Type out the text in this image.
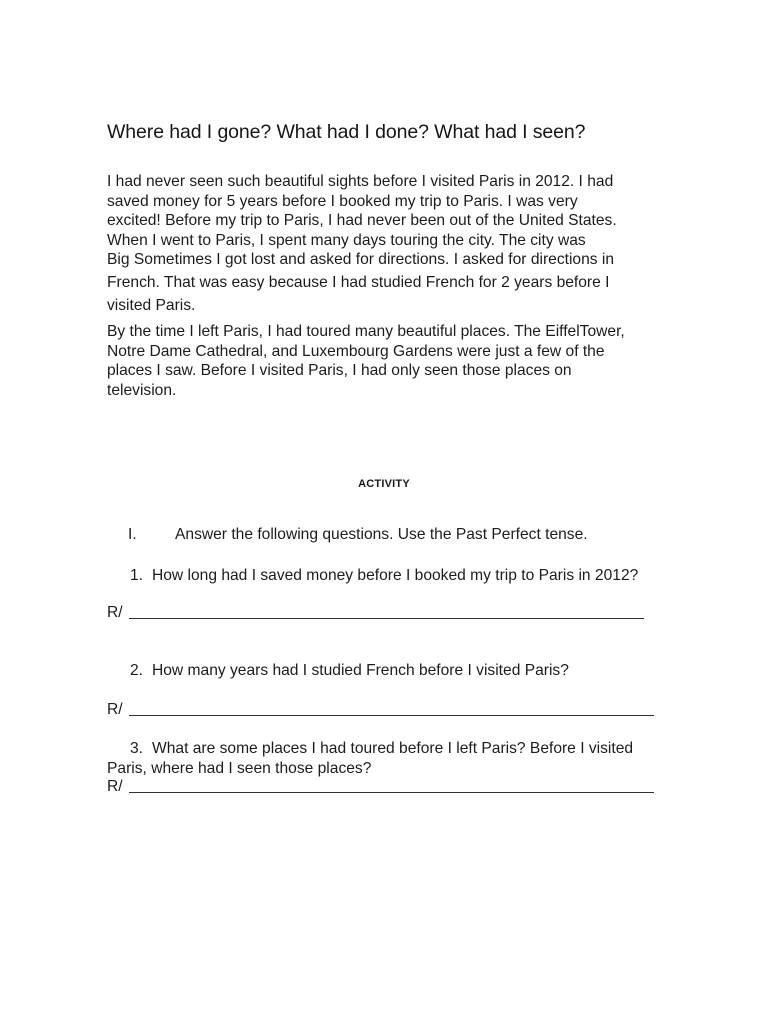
Where had I gone? What had I done? What had I seen?
I had never seen such beautiful sights before I visited Paris in 2012. I had
saved money for 5 years before I booked my trip to Paris. I was very
excited! Before my trip to Paris, I had never been out of the United States.
When I went to Paris, I spent many days touring the city. The city was
Big Sometimes I got lost and asked for directions. I asked for directions in
French. That was easy because I had studied French for 2 years before I
visited Paris.
By the time I left Paris, I had toured many beautiful places. The EiffelTower,
Notre Dame Cathedral, and Luxembourg Gardens were just a few of the
places I saw. Before I visited Paris, I had only seen those places on
television.
ACTIVITY
I. Answer the following questions. Use the Past Perfect tense.
1. How long had I saved money before I booked my trip to Paris in 2012?
R/
2. How many years had I studied French before I visited Paris?
R/
3. What are some places I had toured before I left Paris? Before I visited
Paris, where had I seen those places?
R/
